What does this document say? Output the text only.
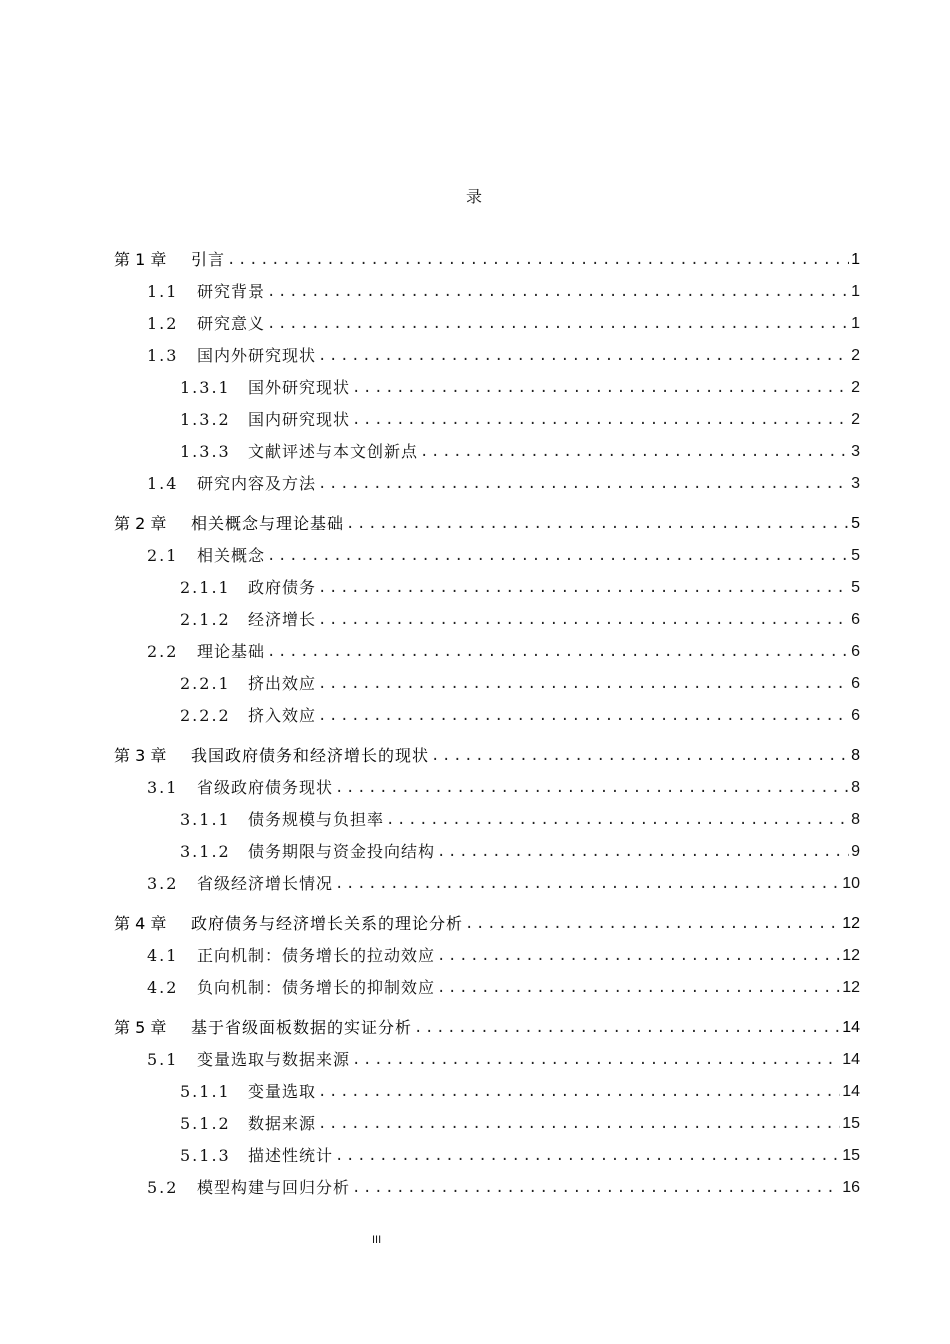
录
第 1 章	引言 .....	1
1.1	研究背景 .....	1
1.2	研究意义 .....	1
1.3	国内外研究现状 .....	2
1.3.1	国外研究现状 .....	2
1.3.2	国内研究现状 .....	2
1.3.3	文献评述与本文创新点 .....	3
1.4	研究内容及方法 .....	3
第 2 章	相关概念与理论基础 .....	5
2.1	相关概念 .....	5
2.1.1	政府债务 .....	5
2.1.2	经济增长 .....	6
2.2	理论基础 .....	6
2.2.1	挤出效应 .....	6
2.2.2	挤入效应 .....	6
第 3 章	我国政府债务和经济增长的现状 .....	8
3.1	省级政府债务现状 .....	8
3.1.1	债务规模与负担率 .....	8
3.1.2	债务期限与资金投向结构 .....	9
3.2	省级经济增长情况 .....	10
第 4 章	政府债务与经济增长关系的理论分析 .....	12
4.1	正向机制：债务增长的拉动效应 .....	12
4.2	负向机制：债务增长的抑制效应 .....	12
第 5 章	基于省级面板数据的实证分析 .....	14
5.1	变量选取与数据来源 .....	14
5.1.1	变量选取 .....	14
5.1.2	数据来源 .....	15
5.1.3	描述性统计 .....	15
5.2	模型构建与回归分析 .....	16
III
